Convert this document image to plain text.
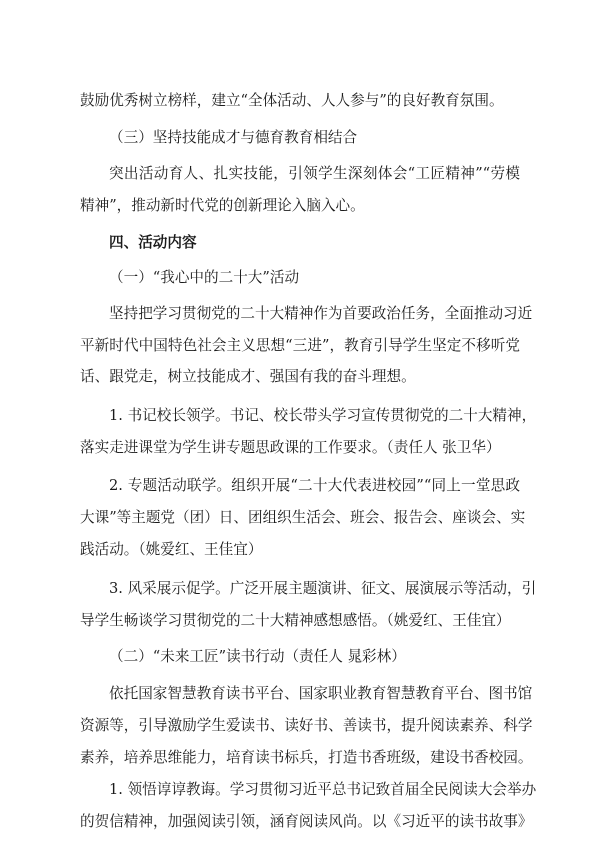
鼓励优秀树立榜样，建立“全体活动、人人参与”的良好教育氛围。
（三）坚持技能成才与德育教育相结合
突出活动育人、扎实技能，引领学生深刻体会“工匠精神”“劳模
精神”，推动新时代党的创新理论入脑入心。
四、活动内容
（一）“我心中的二十大”活动
坚持把学习贯彻党的二十大精神作为首要政治任务，全面推动习近
平新时代中国特色社会主义思想“三进”，教育引导学生坚定不移听党
话、跟党走，树立技能成才、强国有我的奋斗理想。
1. 书记校长领学。书记、校长带头学习宣传贯彻党的二十大精神，
落实走进课堂为学生讲专题思政课的工作要求。（责任人 张卫华）
2. 专题活动联学。组织开展“二十大代表进校园”“同上一堂思政
大课”等主题党（团）日、团组织生活会、班会、报告会、座谈会、实
践活动。（姚爱红、王佳宜）
3. 风采展示促学。广泛开展主题演讲、征文、展演展示等活动，引
导学生畅谈学习贯彻党的二十大精神感想感悟。（姚爱红、王佳宜）
（二）“未来工匠”读书行动（责任人 晁彩林）
依托国家智慧教育读书平台、国家职业教育智慧教育平台、图书馆
资源等，引导激励学生爱读书、读好书、善读书，提升阅读素养、科学
素养，培养思维能力，培育读书标兵，打造书香班级，建设书香校园。
1. 领悟谆谆教诲。学习贯彻习近平总书记致首届全民阅读大会举办
的贺信精神，加强阅读引领，涵育阅读风尚。以《习近平的读书故事》
